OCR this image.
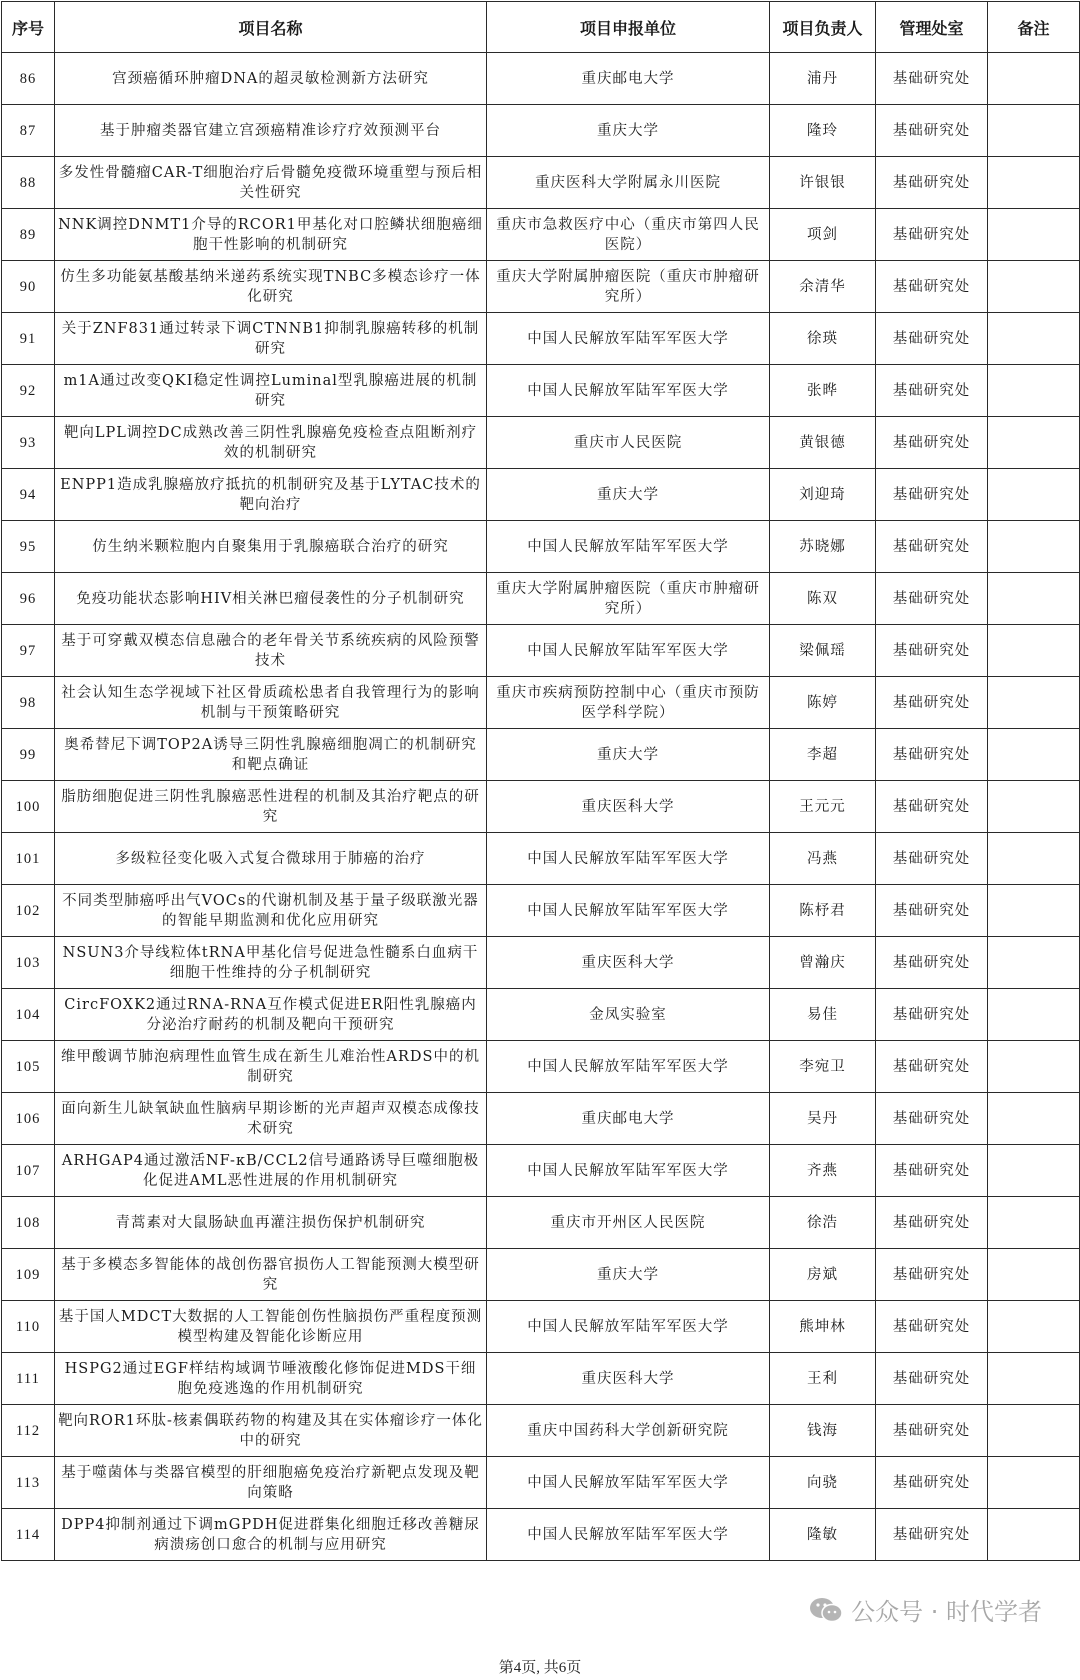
序号	项目名称	项目申报单位	项目负责人	管理处室	备注
86	宫颈癌循环肿瘤DNA的超灵敏检测新方法研究	重庆邮电大学	浦丹	基础研究处	
87	基于肿瘤类器官建立宫颈癌精准诊疗疗效预测平台	重庆大学	隆玲	基础研究处	
88	多发性骨髓瘤CAR-T细胞治疗后骨髓免疫微环境重塑与预后相关性研究	重庆医科大学附属永川医院	许银银	基础研究处	
89	NNK调控DNMT1介导的RCOR1甲基化对口腔鳞状细胞癌细胞干性影响的机制研究	重庆市急救医疗中心（重庆市第四人民医院）	项剑	基础研究处	
90	仿生多功能氨基酸基纳米递药系统实现TNBC多模态诊疗一体化研究	重庆大学附属肿瘤医院（重庆市肿瘤研究所）	余清华	基础研究处	
91	关于ZNF831通过转录下调CTNNB1抑制乳腺癌转移的机制研究	中国人民解放军陆军军医大学	徐瑛	基础研究处	
92	m1A通过改变QKI稳定性调控Luminal型乳腺癌进展的机制研究	中国人民解放军陆军军医大学	张晔	基础研究处	
93	靶向LPL调控DC成熟改善三阴性乳腺癌免疫检查点阻断剂疗效的机制研究	重庆市人民医院	黄银德	基础研究处	
94	ENPP1造成乳腺癌放疗抵抗的机制研究及基于LYTAC技术的靶向治疗	重庆大学	刘迎琦	基础研究处	
95	仿生纳米颗粒胞内自聚集用于乳腺癌联合治疗的研究	中国人民解放军陆军军医大学	苏晓娜	基础研究处	
96	免疫功能状态影响HIV相关淋巴瘤侵袭性的分子机制研究	重庆大学附属肿瘤医院（重庆市肿瘤研究所）	陈双	基础研究处	
97	基于可穿戴双模态信息融合的老年骨关节系统疾病的风险预警技术	中国人民解放军陆军军医大学	梁佩瑶	基础研究处	
98	社会认知生态学视域下社区骨质疏松患者自我管理行为的影响机制与干预策略研究	重庆市疾病预防控制中心（重庆市预防医学科学院）	陈婷	基础研究处	
99	奥希替尼下调TOP2A诱导三阴性乳腺癌细胞凋亡的机制研究和靶点确证	重庆大学	李超	基础研究处	
100	脂肪细胞促进三阴性乳腺癌恶性进程的机制及其治疗靶点的研究	重庆医科大学	王元元	基础研究处	
101	多级粒径变化吸入式复合微球用于肺癌的治疗	中国人民解放军陆军军医大学	冯燕	基础研究处	
102	不同类型肺癌呼出气VOCs的代谢机制及基于量子级联激光器的智能早期监测和优化应用研究	中国人民解放军陆军军医大学	陈杼君	基础研究处	
103	NSUN3介导线粒体tRNA甲基化信号促进急性髓系白血病干细胞干性维持的分子机制研究	重庆医科大学	曾瀚庆	基础研究处	
104	CircFOXK2通过RNA-RNA互作模式促进ER阳性乳腺癌内分泌治疗耐药的机制及靶向干预研究	金凤实验室	易佳	基础研究处	
105	维甲酸调节肺泡病理性血管生成在新生儿难治性ARDS中的机制研究	中国人民解放军陆军军医大学	李宛卫	基础研究处	
106	面向新生儿缺氧缺血性脑病早期诊断的光声超声双模态成像技术研究	重庆邮电大学	吴丹	基础研究处	
107	ARHGAP4通过激活NF-κB/CCL2信号通路诱导巨噬细胞极化促进AML恶性进展的作用机制研究	中国人民解放军陆军军医大学	齐燕	基础研究处	
108	青蒿素对大鼠肠缺血再灌注损伤保护机制研究	重庆市开州区人民医院	徐浩	基础研究处	
109	基于多模态多智能体的战创伤器官损伤人工智能预测大模型研究	重庆大学	房斌	基础研究处	
110	基于国人MDCT大数据的人工智能创伤性脑损伤严重程度预测模型构建及智能化诊断应用	中国人民解放军陆军军医大学	熊坤林	基础研究处	
111	HSPG2通过EGF样结构域调节唾液酸化修饰促进MDS干细胞免疫逃逸的作用机制研究	重庆医科大学	王利	基础研究处	
112	靶向ROR1环肽-核素偶联药物的构建及其在实体瘤诊疗一体化中的研究	重庆中国药科大学创新研究院	钱海	基础研究处	
113	基于噬菌体与类器官模型的肝细胞癌免疫治疗新靶点发现及靶向策略	中国人民解放军陆军军医大学	向骁	基础研究处	
114	DPP4抑制剂通过下调mGPDH促进群集化细胞迁移改善糖尿病溃疡创口愈合的机制与应用研究	中国人民解放军陆军军医大学	隆敏	基础研究处	
公众号 · 时代学者
第4页, 共6页
